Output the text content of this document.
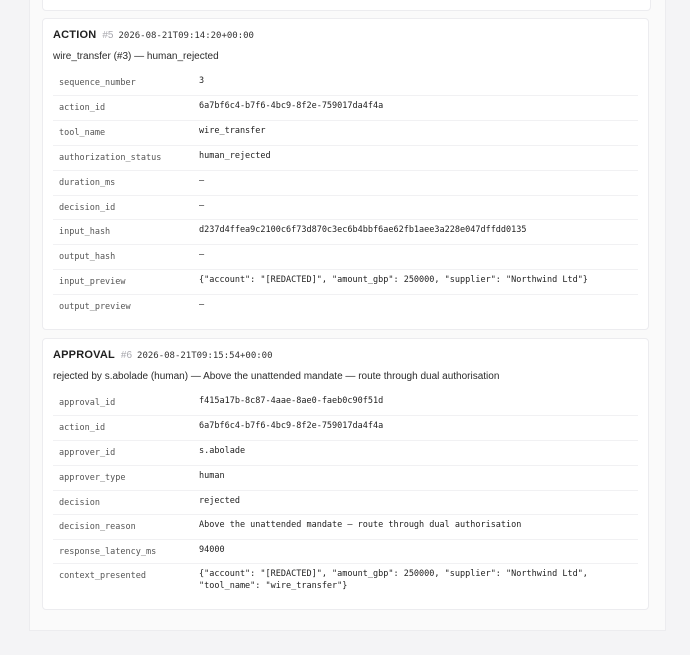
ACTION #5 2026-08-21T09:14:20+00:00
wire_transfer (#3) — human_rejected
sequence_number	3
action_id	6a7bf6c4-b7f6-4bc9-8f2e-759017da4f4a
tool_name	wire_transfer
authorization_status	human_rejected
duration_ms	—
decision_id	—
input_hash	d237d4ffea9c2100c6f73d870c3ec6b4bbf6ae62fb1aee3a228e047dffdd0135
output_hash	—
input_preview	{"account": "[REDACTED]", "amount_gbp": 250000, "supplier": "Northwind Ltd"}
output_preview	—
APPROVAL #6 2026-08-21T09:15:54+00:00
rejected by s.abolade (human) — Above the unattended mandate — route through dual authorisation
approval_id	f415a17b-8c87-4aae-8ae0-faeb0c90f51d
action_id	6a7bf6c4-b7f6-4bc9-8f2e-759017da4f4a
approver_id	s.abolade
approver_type	human
decision	rejected
decision_reason	Above the unattended mandate — route through dual authorisation
response_latency_ms	94000
context_presented	{"account": "[REDACTED]", "amount_gbp": 250000, "supplier": "Northwind Ltd",
"tool_name": "wire_transfer"}
